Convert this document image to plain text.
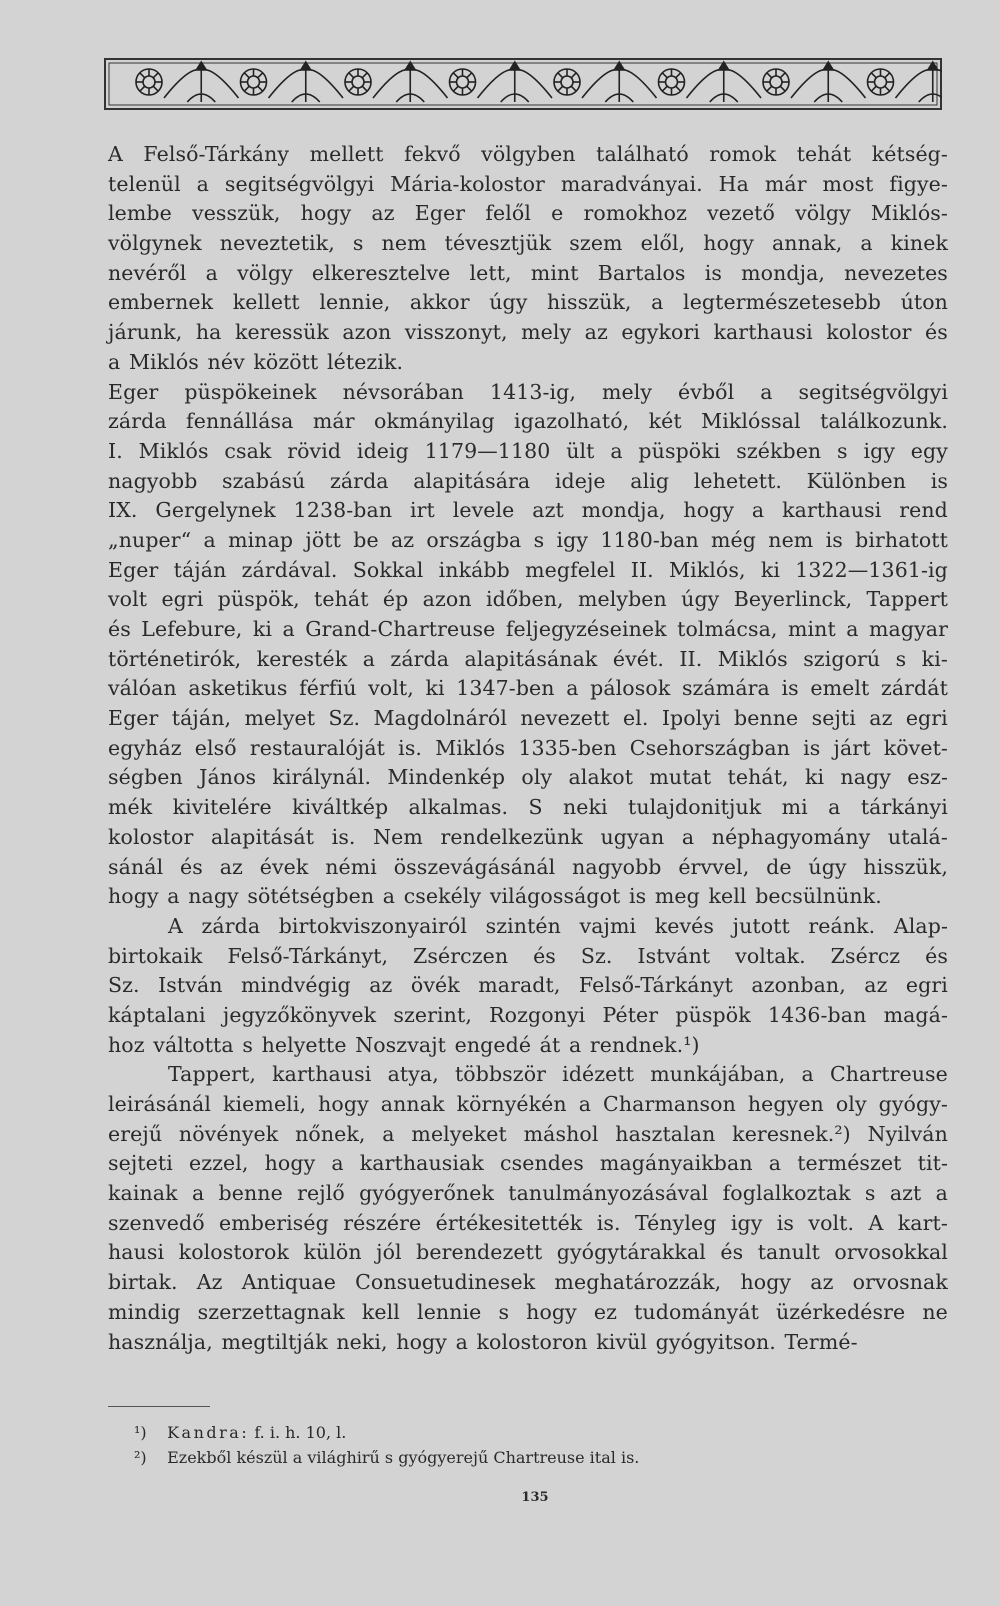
A Felső-Tárkány mellett fekvő völgyben található romok tehát kétség-
telenül a segitségvölgyi Mária-kolostor maradványai. Ha már most figye-
lembe vesszük, hogy az Eger felől e romokhoz vezető völgy Miklós-
völgynek neveztetik, s nem tévesztjük szem elől, hogy annak, a kinek
nevéről a völgy elkeresztelve lett, mint Bartalos is mondja, nevezetes
embernek kellett lennie, akkor úgy hisszük, a legtermészetesebb úton
járunk, ha keressük azon visszonyt, mely az egykori karthausi kolostor és
a Miklós név között létezik.
Eger püspökeinek névsorában 1413-ig, mely évből a segitségvölgyi
zárda fennállása már okmányilag igazolható, két Miklóssal találkozunk.
I. Miklós csak rövid ideig 1179—1180 ült a püspöki székben s igy egy
nagyobb szabású zárda alapitására ideje alig lehetett. Különben is
IX. Gergelynek 1238-ban irt levele azt mondja, hogy a karthausi rend
„nuper“ a minap jött be az országba s igy 1180-ban még nem is birhatott
Eger táján zárdával. Sokkal inkább megfelel II. Miklós, ki 1322—1361-ig
volt egri püspök, tehát ép azon időben, melyben úgy Beyerlinck, Tappert
és Lefebure, ki a Grand-Chartreuse feljegyzéseinek tolmácsa, mint a magyar
történetirók, keresték a zárda alapitásának évét. II. Miklós szigorú s ki-
válóan asketikus férfiú volt, ki 1347-ben a pálosok számára is emelt zárdát
Eger táján, melyet Sz. Magdolnáról nevezett el. Ipolyi benne sejti az egri
egyház első restauralóját is. Miklós 1335-ben Csehországban is járt követ-
ségben János királynál. Mindenkép oly alakot mutat tehát, ki nagy esz-
mék kivitelére kiváltkép alkalmas. S neki tulajdonitjuk mi a tárkányi
kolostor alapitását is. Nem rendelkezünk ugyan a néphagyomány utalá-
sánál és az évek némi összevágásánál nagyobb érvvel, de úgy hisszük,
hogy a nagy sötétségben a csekély világosságot is meg kell becsülnünk.
A zárda birtokviszonyairól szintén vajmi kevés jutott reánk. Alap-
birtokaik Felső-Tárkányt, Zsérczen és Sz. Istvánt voltak. Zsércz és
Sz. István mindvégig az övék maradt, Felső-Tárkányt azonban, az egri
káptalani jegyzőkönyvek szerint, Rozgonyi Péter püspök 1436-ban magá-
hoz váltotta s helyette Noszvajt engedé át a rendnek.¹)
Tappert, karthausi atya, többször idézett munkájában, a Chartreuse
leirásánál kiemeli, hogy annak környékén a Charmanson hegyen oly gyógy-
erejű növények nőnek, a melyeket máshol hasztalan keresnek.²) Nyilván
sejteti ezzel, hogy a karthausiak csendes magányaikban a természet tit-
kainak a benne rejlő gyógyerőnek tanulmányozásával foglalkoztak s azt a
szenvedő emberiség részére értékesitették is. Tényleg igy is volt. A kart-
hausi kolostorok külön jól berendezett gyógytárakkal és tanult orvosokkal
birtak. Az Antiquae Consuetudinesek meghatározzák, hogy az orvosnak
mindig szerzettagnak kell lennie s hogy ez tudományát üzérkedésre ne
használja, megtiltják neki, hogy a kolostoron kivül gyógyitson. Termé-
¹) Kandra: f. i. h. 10, l.
²) Ezekből készül a világhirű s gyógyerejű Chartreuse ital is.
135
